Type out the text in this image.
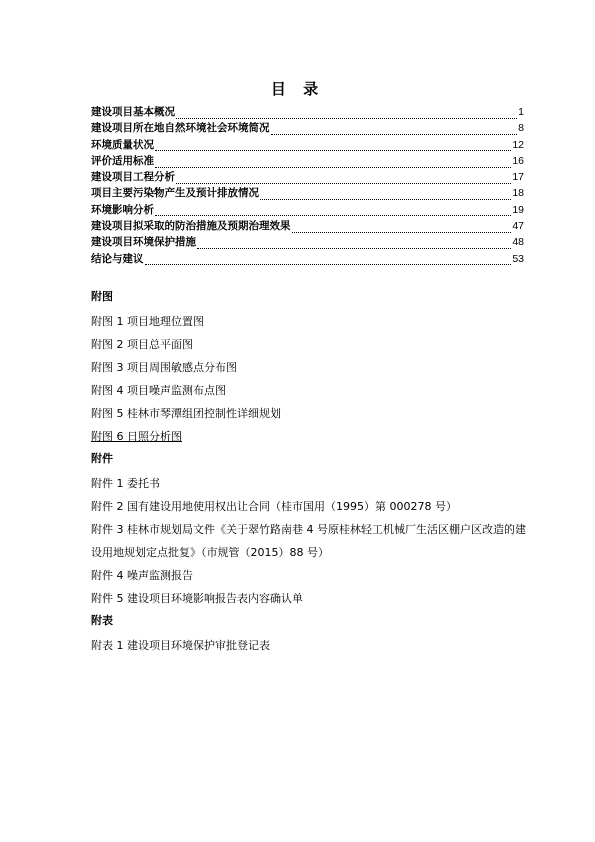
目 录
建设项目基本概况	1
建设项目所在地自然环境社会环境简况	8
环境质量状况	12
评价适用标准	16
建设项目工程分析	17
项目主要污染物产生及预计排放情况	18
环境影响分析	19
建设项目拟采取的防治措施及预期治理效果	47
建设项目环境保护措施	48
结论与建议	53
附图
附图 1 项目地理位置图
附图 2 项目总平面图
附图 3 项目周围敏感点分布图
附图 4 项目噪声监测布点图
附图 5 桂林市琴潭组团控制性详细规划
附图 6 日照分析图
附件
附件 1 委托书
附件 2 国有建设用地使用权出让合同（桂市国用（1995）第 000278 号）
附件 3 桂林市规划局文件《关于翠竹路南巷 4 号原桂林轻工机械厂生活区棚户区改造的建设用地规划定点批复》（市规管（2015）88 号）
附件 4 噪声监测报告
附件 5 建设项目环境影响报告表内容确认单
附表
附表 1 建设项目环境保护审批登记表
